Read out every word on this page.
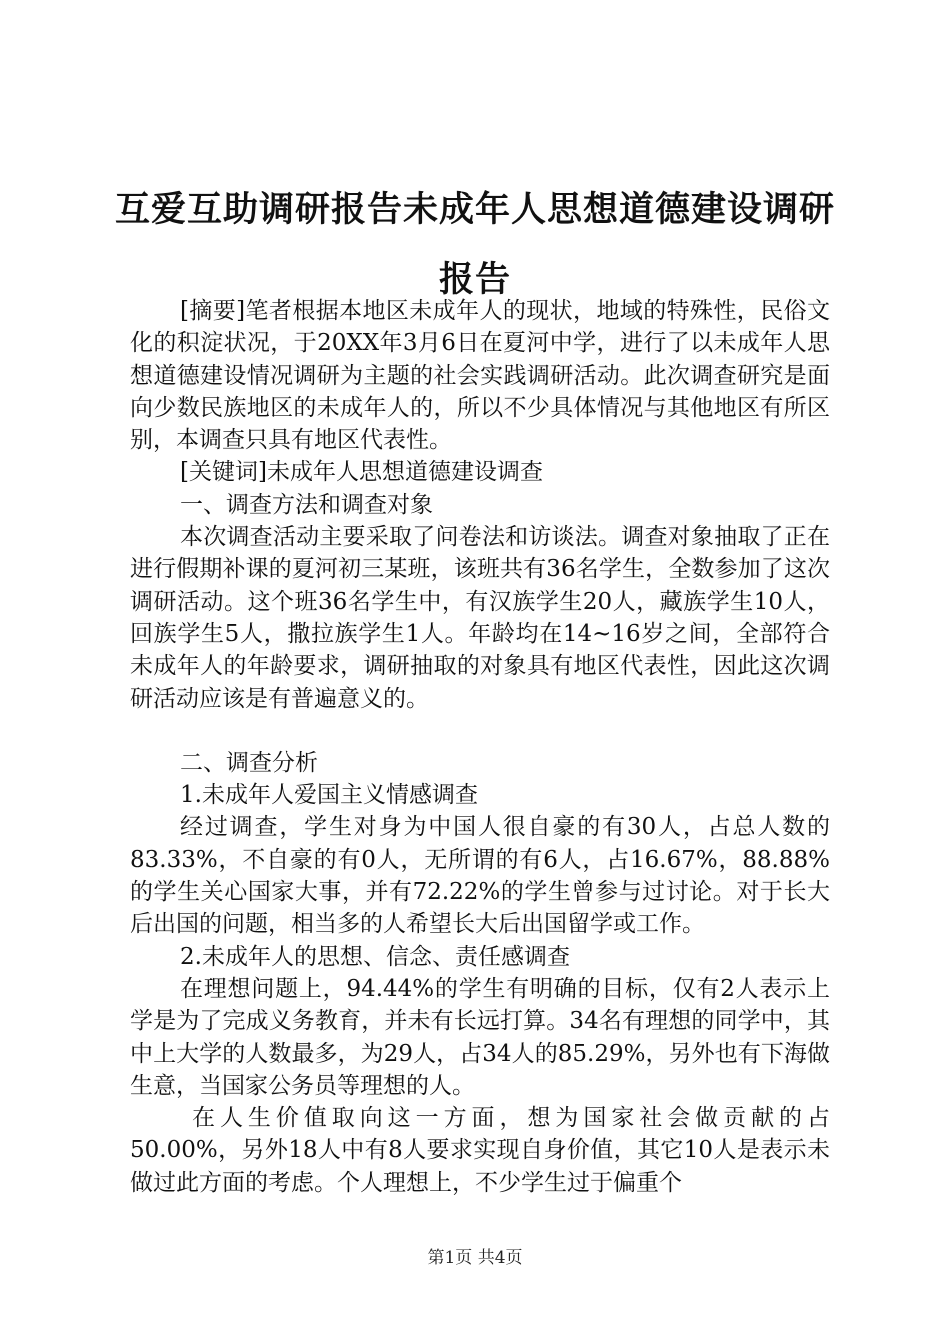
互爱互助调研报告未成年人思想道德建设调研报告

[摘要]笔者根据本地区未成年人的现状，地域的特殊性，民俗文化的积淀状况，于20XX年3月6日在夏河中学，进行了以未成年人思想道德建设情况调研为主题的社会实践调研活动。此次调查研究是面向少数民族地区的未成年人的，所以不少具体情况与其他地区有所区别，本调查只具有地区代表性。

[关键词]未成年人思想道德建设调查

一、调查方法和调查对象

本次调查活动主要采取了问卷法和访谈法。调查对象抽取了正在进行假期补课的夏河初三某班，该班共有36名学生，全数参加了这次调研活动。这个班36名学生中，有汉族学生20人，藏族学生10人，回族学生5人，撒拉族学生1人。年龄均在14~16岁之间，全部符合未成年人的年龄要求，调研抽取的对象具有地区代表性，因此这次调研活动应该是有普遍意义的。

二、调查分析

1.未成年人爱国主义情感调查

经过调查，学生对身为中国人很自豪的有30人，占总人数的83.33%，不自豪的有0人，无所谓的有6人，占16.67%，88.88%的学生关心国家大事，并有72.22%的学生曾参与过讨论。对于长大后出国的问题，相当多的人希望长大后出国留学或工作。

2.未成年人的思想、信念、责任感调查

在理想问题上，94.44%的学生有明确的目标，仅有2人表示上学是为了完成义务教育，并未有长远打算。34名有理想的同学中，其中上大学的人数最多，为29人，占34人的85.29%，另外也有下海做生意，当国家公务员等理想的人。

在人生价值取向这一方面，想为国家社会做贡献的占50.00%，另外18人中有8人要求实现自身价值，其它10人是表示未做过此方面的考虑。个人理想上，不少学生过于偏重个

第1页 共4页
